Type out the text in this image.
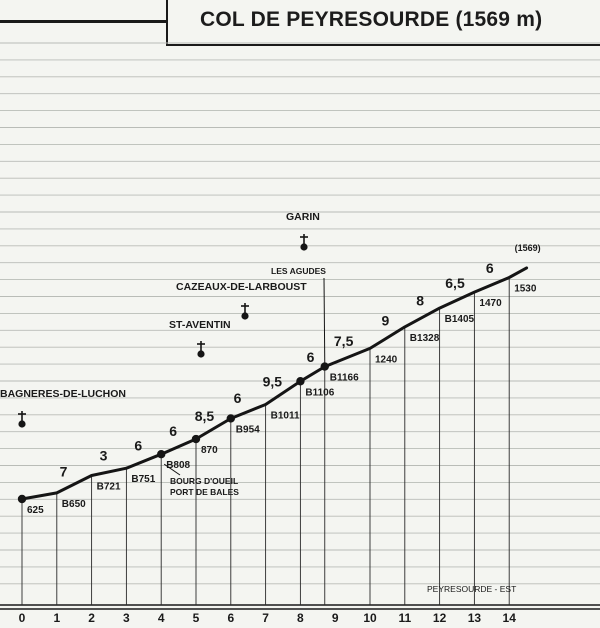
COL DE PEYRESOURDE (1569 m)
0 1 2 3 4 5 6 7 8 9 10 11 12 13 14
625
B650
B721
B751
B808
870
B954
B1011
B1106
B1166
1240
B1328
B1405
1470
1530
(1569)
7
3
6
6
8,5
6
9,5
6
7,5
9
8
6,5
6
BAGNERES-DE-LUCHON
ST-AVENTIN
CAZEAUX-DE-LARBOUST
GARIN
LES AGUDES
BOURG D'OUEIL
PORT DE BALES
PEYRESOURDE - EST
